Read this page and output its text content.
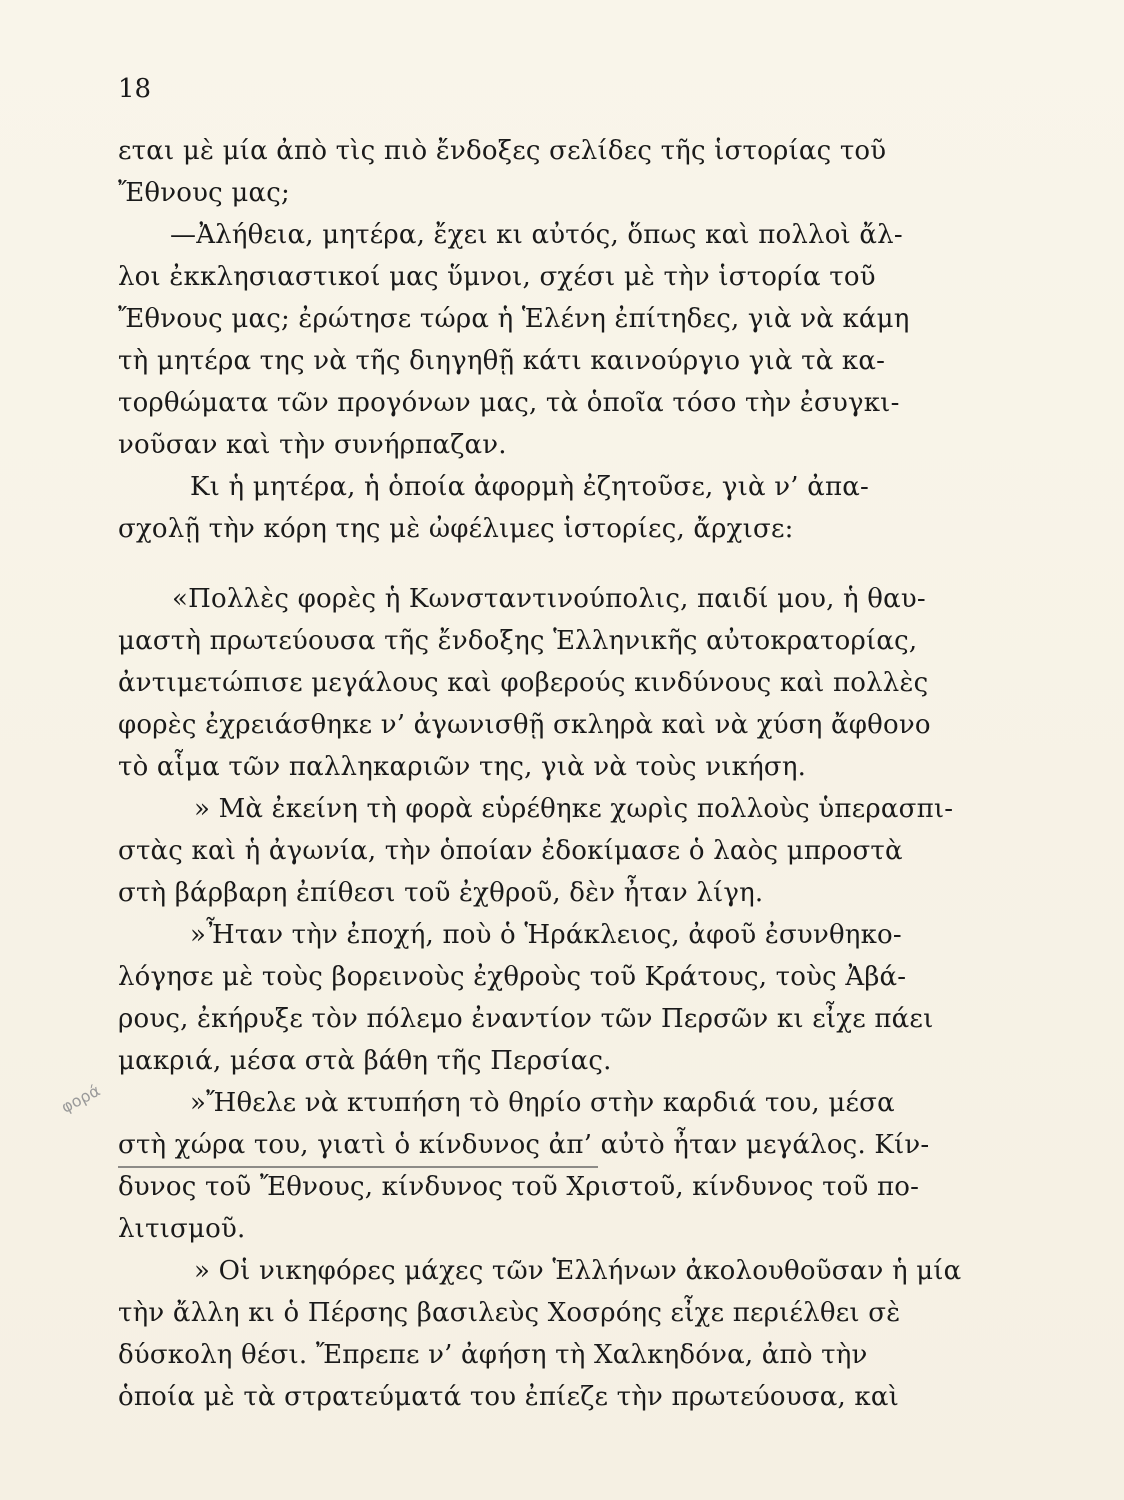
18
εται μὲ μία ἀπὸ τὶς πιὸ ἔνδοξες σελίδες τῆς ἱστορίας τοῦ
Ἔθνους μας;
—Ἀλήθεια, μητέρα, ἔχει κι αὐτός, ὅπως καὶ πολλοὶ ἄλ-
λοι ἐκκλησιαστικοί μας ὕμνοι, σχέσι μὲ τὴν ἱστορία τοῦ
Ἔθνους μας; ἐρώτησε τώρα ἡ Ἑλένη ἐπίτηδες, γιὰ νὰ κάμη
τὴ μητέρα της νὰ τῆς διηγηθῇ κάτι καινούργιο γιὰ τὰ κα-
τορθώματα τῶν προγόνων μας, τὰ ὁποῖα τόσο τὴν ἐσυγκι-
νοῦσαν καὶ τὴν συνήρπαζαν.
Κι ἡ μητέρα, ἡ ὁποία ἀφορμὴ ἐζητοῦσε, γιὰ ν’ ἀπα-
σχολῇ τὴν κόρη της μὲ ὠφέλιμες ἱστορίες, ἄρχισε:
«Πολλὲς φορὲς ἡ Κωνσταντινούπολις, παιδί μου, ἡ θαυ-
μαστὴ πρωτεύουσα τῆς ἔνδοξης Ἑλληνικῆς αὐτοκρατορίας,
ἀντιμετώπισε μεγάλους καὶ φοβερούς κινδύνους καὶ πολλὲς
φορὲς ἐχρειάσθηκε ν’ ἀγωνισθῇ σκληρὰ καὶ νὰ χύση ἄφθονο
τὸ αἷμα τῶν παλληκαριῶν της, γιὰ νὰ τοὺς νικήση.
» Μὰ ἐκείνη τὴ φορὰ εὑρέθηκε χωρὶς πολλοὺς ὑπερασπι-
στὰς καὶ ἡ ἀγωνία, τὴν ὁποίαν ἐδοκίμασε ὁ λαὸς μπροστὰ
στὴ βάρβαρη ἐπίθεσι τοῦ ἐχθροῦ, δὲν ἦταν λίγη.
»Ἦταν τὴν ἐποχή, ποὺ ὁ Ἡράκλειος, ἀφοῦ ἐσυνθηκο-
λόγησε μὲ τοὺς βορεινοὺς ἐχθροὺς τοῦ Κράτους, τοὺς Ἀβά-
ρους, ἐκήρυξε τὸν πόλεμο ἐναντίον τῶν Περσῶν κι εἶχε πάει
μακριά, μέσα στὰ βάθη τῆς Περσίας.
»Ἤθελε νὰ κτυπήση τὸ θηρίο στὴν καρδιά του, μέσα
στὴ χώρα του, γιατὶ ὁ κίνδυνος ἀπ’ αὐτὸ ἦταν μεγάλος. Κίν-
δυνος τοῦ Ἔθνους, κίνδυνος τοῦ Χριστοῦ, κίνδυνος τοῦ πο-
λιτισμοῦ.
» Οἱ νικηφόρες μάχες τῶν Ἑλλήνων ἀκολουθοῦσαν ἡ μία
τὴν ἄλλη κι ὁ Πέρσης βασιλεὺς Χοσρόης εἶχε περιέλθει σὲ
δύσκολη θέσι. Ἔπρεπε ν’ ἀφήση τὴ Χαλκηδόνα, ἀπὸ τὴν
ὁποία μὲ τὰ στρατεύματά του ἐπίεζε τὴν πρωτεύουσα, καὶ
φορά
